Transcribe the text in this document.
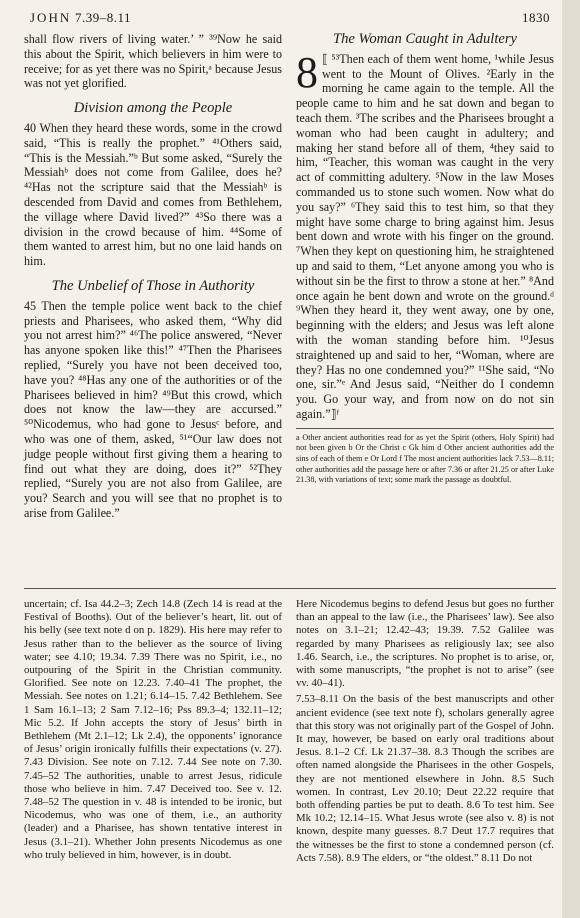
JOHN 7.39–8.11	1830

shall flow rivers of living water.’ ” ³⁹Now he said this about the Spirit, which believers in him were to receive; for as yet there was no Spirit,ᵃ because Jesus was not yet glorified.

Division among the People

40 When they heard these words, some in the crowd said, “This is really the prophet.” ⁴¹Others said, “This is the Messiah.”ᵇ But some asked, “Surely the Messiahᵇ does not come from Galilee, does he? ⁴²Has not the scripture said that the Messiahᵇ is descended from David and comes from Bethlehem, the village where David lived?” ⁴³So there was a division in the crowd because of him. ⁴⁴Some of them wanted to arrest him, but no one laid hands on him.

The Unbelief of Those in Authority

45 Then the temple police went back to the chief priests and Pharisees, who asked them, “Why did you not arrest him?” ⁴⁶The police answered, “Never has anyone spoken like this!” ⁴⁷Then the Pharisees replied, “Surely you have not been deceived too, have you? ⁴⁸Has any one of the authorities or of the Pharisees believed in him? ⁴⁹But this crowd, which does not know the law—they are accursed.” ⁵⁰Nicodemus, who had gone to Jesusᶜ before, and who was one of them, asked, ⁵¹“Our law does not judge people without first giving them a hearing to find out what they are doing, does it?” ⁵²They replied, “Surely you are not also from Galilee, are you? Search and you will see that no prophet is to arise from Galilee.”

The Woman Caught in Adultery

8 ⟦ ⁵³Then each of them went home, ¹while Jesus went to the Mount of Olives. ²Early in the morning he came again to the temple. All the people came to him and he sat down and began to teach them. ³The scribes and the Pharisees brought a woman who had been caught in adultery; and making her stand before all of them, ⁴they said to him, “Teacher, this woman was caught in the very act of committing adultery. ⁵Now in the law Moses commanded us to stone such women. Now what do you say?” ⁶They said this to test him, so that they might have some charge to bring against him. Jesus bent down and wrote with his finger on the ground. ⁷When they kept on questioning him, he straightened up and said to them, “Let anyone among you who is without sin be the first to throw a stone at her.” ⁸And once again he bent down and wrote on the ground.ᵈ ⁹When they heard it, they went away, one by one, beginning with the elders; and Jesus was left alone with the woman standing before him. ¹⁰Jesus straightened up and said to her, “Woman, where are they? Has no one condemned you?” ¹¹She said, “No one, sir.”ᵉ And Jesus said, “Neither do I condemn you. Go your way, and from now on do not sin again.”⟧ᶠ

a Other ancient authorities read for as yet the Spirit (others, Holy Spirit) had not been given b Or the Christ c Gk him d Other ancient authorities add the sins of each of them e Or Lord f The most ancient authorities lack 7.53—8.11; other authorities add the passage here or after 7.36 or after 21.25 or after Luke 21.38, with variations of text; some mark the passage as doubtful.

uncertain; cf. Isa 44.2–3; Zech 14.8 (Zech 14 is read at the Festival of Booths). Out of the believer’s heart, lit. out of his belly (see text note d on p. 1829). His here may refer to Jesus rather than to the believer as the source of living water; see 4.10; 19.34. 7.39 There was no Spirit, i.e., no outpouring of the Spirit in the Christian community. Glorified. See note on 12.23. 7.40–41 The prophet, the Messiah. See notes on 1.21; 6.14–15. 7.42 Bethlehem. See 1 Sam 16.1–13; 2 Sam 7.12–16; Pss 89.3–4; 132.11–12; Mic 5.2. If John accepts the story of Jesus’ birth in Bethlehem (Mt 2.1–12; Lk 2.4), the opponents’ ignorance of Jesus’ origin ironically fulfills their expectations (v. 27). 7.43 Division. See note on 7.12. 7.44 See note on 7.30. 7.45–52 The authorities, unable to arrest Jesus, ridicule those who believe in him. 7.47 Deceived too. See v. 12. 7.48–52 The question in v. 48 is intended to be ironic, but Nicodemus, who was one of them, i.e., an authority (leader) and a Pharisee, has shown tentative interest in Jesus (3.1–21). Whether John presents Nicodemus as one who truly believed in him, however, is in doubt.

Here Nicodemus begins to defend Jesus but goes no further than an appeal to the law (i.e., the Pharisees’ law). See also notes on 3.1–21; 12.42–43; 19.39. 7.52 Galilee was regarded by many Pharisees as religiously lax; see also 1.46. Search, i.e., the scriptures. No prophet is to arise, or, with some manuscripts, “the prophet is not to arise” (see vv. 40–41).

7.53–8.11 On the basis of the best manuscripts and other ancient evidence (see text note f), scholars generally agree that this story was not originally part of the Gospel of John. It may, however, be based on early oral traditions about Jesus. 8.1–2 Cf. Lk 21.37–38. 8.3 Though the scribes are often named alongside the Pharisees in the other Gospels, they are not mentioned elsewhere in John. 8.5 Such women. In contrast, Lev 20.10; Deut 22.22 require that both offending parties be put to death. 8.6 To test him. See Mk 10.2; 12.14–15. What Jesus wrote (see also v. 8) is not known, despite many guesses. 8.7 Deut 17.7 requires that the witnesses be the first to stone a condemned person (cf. Acts 7.58). 8.9 The elders, or “the oldest.” 8.11 Do not
